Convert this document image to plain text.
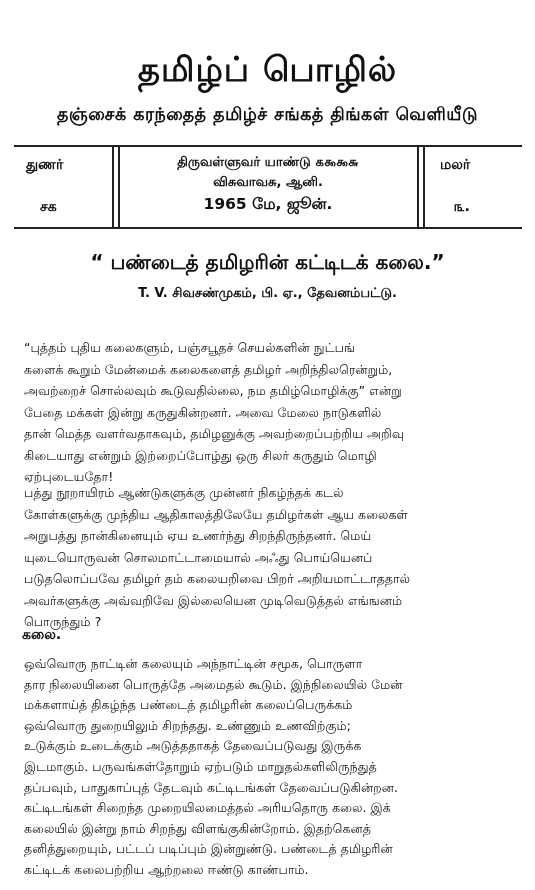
தமிழ்ப் பொழில்
தஞ்சைக் கரந்தைத் தமிழ்ச் சங்கத் திங்கள் வெளியீடு
துணர்
சக
திருவள்ளுவர் யாண்டு ௧௯௯௬
விசுவாவசு, ஆனி.
1965 மே, ஜூன்.
மலர்
௩.
“ பண்டைத் தமிழரின் கட்டிடக் கலை.”
T. V. சிவசண்முகம், பி. ஏ., தேவனம்பட்டு.
“புத்தம் புதிய கலைகளும், பஞ்சபூதச் செயல்களின் நுட்பங்
களைக் கூறும் மேன்மைக் கலைகளைத் தமிழர் அறிந்திலரென்றும்,
அவற்றைச் சொல்லவும் கூடுவதில்லை, நம தமிழ்மொழிக்கு” என்று
பேதை மக்கள் இன்று கருதுகின்றனர். அவை மேலை நாடுகளில்
தான் மெத்த வளர்வதாகவும், தமிழனுக்கு அவற்றைப்பற்றிய அறிவு
கிடையாது என்றும் இற்றைப்போழ்து ஒரு சிலர் கருதும் மொழி
ஏற்புடையதோ!
பத்து நூறாயிரம் ஆண்டுகளுக்கு முன்னர் நிகழ்ந்தக் கடல்
கோள்களுக்கு முந்திய ஆதிகாலத்திலேயே தமிழர்கள் ஆய கலைகள்
அறுபத்து நான்கினையும் ஏய உணர்ந்து சிறந்திருந்தனர். மெய்
யுடையொருவன் சொலமாட்டாமையால் அஃது பொய்யெனப்
படுதலொப்பவே தமிழர் தம் கலையறிவை பிறர் அறியமாட்டாததால்
அவர்களுக்கு அவ்வறிவே இல்லையென முடிவெடுத்தல் எங்ஙனம்
பொருந்தும் ?
கலை.
ஒவ்வொரு நாட்டின் கலையும் அந்நாட்டின் சமூக, பொருளா
தார நிலையினை பொருத்தே அமைதல் கூடும். இந்நிலையில் மேன்
மக்களாய்த் திகழ்ந்த பண்டைத் தமிழரின் கலைப்பெருக்கம்
ஒவ்வொரு துறையிலும் சிறந்தது. உண்ணும் உணவிற்கும்;
உடுக்கும் உடைக்கும் அடுத்ததாகத் தேவைப்படுவது இருக்க
இடமாகும். பருவங்கள்தோறும் ஏற்படும் மாறுதல்களிலிருந்துத்
தப்பவும், பாதுகாப்புத் தேடவும் கட்டிடங்கள் தேவைப்படுகின்றன.
கட்டிடங்கள் சிறைந்த முறையிலமைத்தல் அரியதொரு கலை. இக்
கலையில் இன்று நாம் சிறந்து விளங்குகின்றோம். இதற்கெனத்
தனித்துறையும், பட்டப் படிப்பும் இன்றுண்டு. பண்டைத் தமிழரின்
கட்டிடக் கலைபற்றிய ஆற்றலை ஈண்டு காண்பாம்.
